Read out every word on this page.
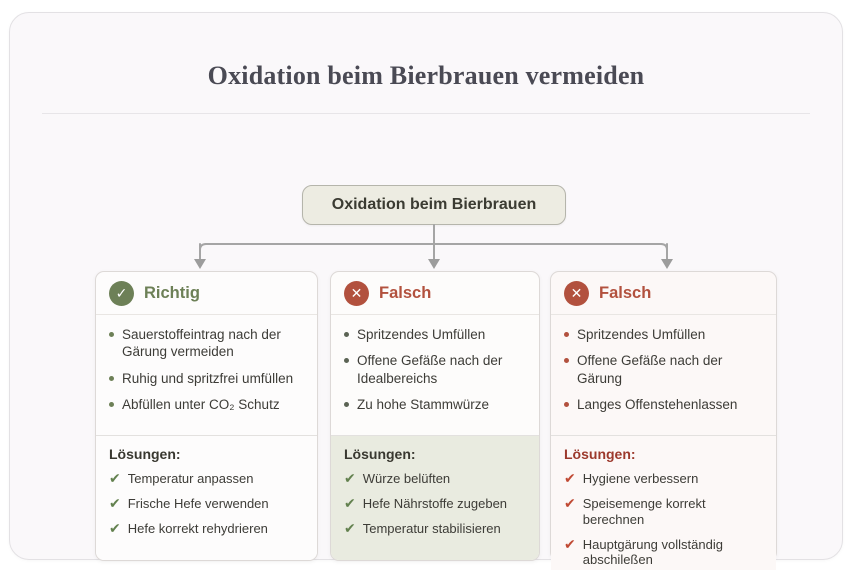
Oxidation beim Bierbrauen vermeiden
Oxidation beim Bierbrauen
✓	Richtig
Sauerstoffeintrag nach der Gärung vermeiden
Ruhig und spritzfrei umfüllen
Abfüllen unter CO₂ Schutz
Lösungen:
✔ Temperatur anpassen
✔ Frische Hefe verwenden
✔ Hefe korrekt rehydrieren
✕	Falsch
Spritzendes Umfüllen
Offene Gefäße nach der Idealbereichs
Zu hohe Stammwürze
Lösungen:
✔ Würze belüften
✔ Hefe Nährstoffe zugeben
✔ Temperatur stabilisieren
✕	Falsch
Spritzendes Umfüllen
Offene Gefäße nach der Gärung
Langes Offenstehenlassen
Lösungen:
✔ Hygiene verbessern
✔ Speisemenge korrekt berechnen
✔ Hauptgärung vollständig abschileßen
